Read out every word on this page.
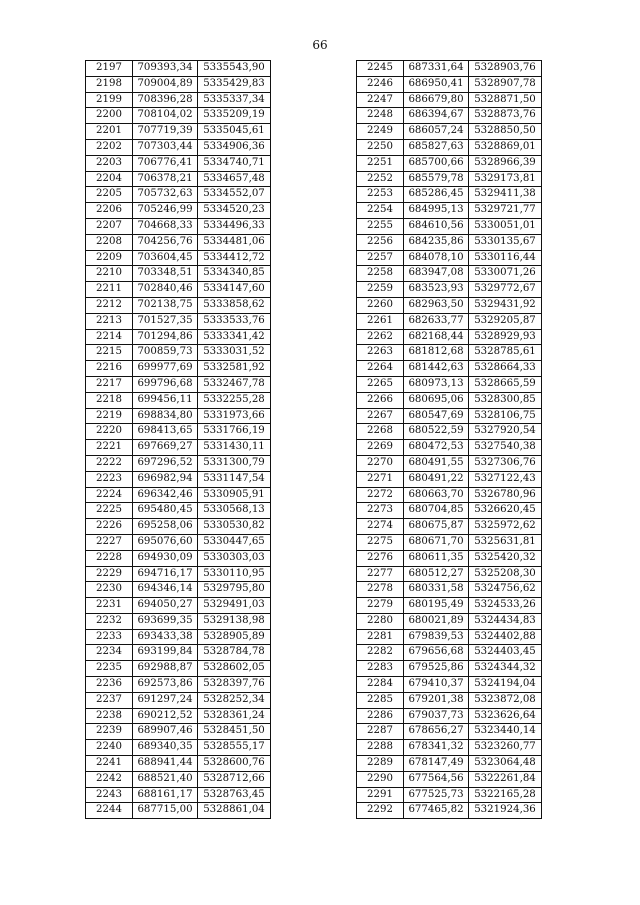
66
2197	709393,34	5335543,90
2198	709004,89	5335429,83
2199	708396,28	5335337,34
2200	708104,02	5335209,19
2201	707719,39	5335045,61
2202	707303,44	5334906,36
2203	706776,41	5334740,71
2204	706378,21	5334657,48
2205	705732,63	5334552,07
2206	705246,99	5334520,23
2207	704668,33	5334496,33
2208	704256,76	5334481,06
2209	703604,45	5334412,72
2210	703348,51	5334340,85
2211	702840,46	5334147,60
2212	702138,75	5333858,62
2213	701527,35	5333533,76
2214	701294,86	5333341,42
2215	700859,73	5333031,52
2216	699977,69	5332581,92
2217	699796,68	5332467,78
2218	699456,11	5332255,28
2219	698834,80	5331973,66
2220	698413,65	5331766,19
2221	697669,27	5331430,11
2222	697296,52	5331300,79
2223	696982,94	5331147,54
2224	696342,46	5330905,91
2225	695480,45	5330568,13
2226	695258,06	5330530,82
2227	695076,60	5330447,65
2228	694930,09	5330303,03
2229	694716,17	5330110,95
2230	694346,14	5329795,80
2231	694050,27	5329491,03
2232	693699,35	5329138,98
2233	693433,38	5328905,89
2234	693199,84	5328784,78
2235	692988,87	5328602,05
2236	692573,86	5328397,76
2237	691297,24	5328252,34
2238	690212,52	5328361,24
2239	689907,46	5328451,50
2240	689340,35	5328555,17
2241	688941,44	5328600,76
2242	688521,40	5328712,66
2243	688161,17	5328763,45
2244	687715,00	5328861,04
2245	687331,64	5328903,76
2246	686950,41	5328907,78
2247	686679,80	5328871,50
2248	686394,67	5328873,76
2249	686057,24	5328850,50
2250	685827,63	5328869,01
2251	685700,66	5328966,39
2252	685579,78	5329173,81
2253	685286,45	5329411,38
2254	684995,13	5329721,77
2255	684610,56	5330051,01
2256	684235,86	5330135,67
2257	684078,10	5330116,44
2258	683947,08	5330071,26
2259	683523,93	5329772,67
2260	682963,50	5329431,92
2261	682633,77	5329205,87
2262	682168,44	5328929,93
2263	681812,68	5328785,61
2264	681442,63	5328664,33
2265	680973,13	5328665,59
2266	680695,06	5328300,85
2267	680547,69	5328106,75
2268	680522,59	5327920,54
2269	680472,53	5327540,38
2270	680491,55	5327306,76
2271	680491,22	5327122,43
2272	680663,70	5326780,96
2273	680704,85	5326620,45
2274	680675,87	5325972,62
2275	680671,70	5325631,81
2276	680611,35	5325420,32
2277	680512,27	5325208,30
2278	680331,58	5324756,62
2279	680195,49	5324533,26
2280	680021,89	5324434,83
2281	679839,53	5324402,88
2282	679656,68	5324403,45
2283	679525,86	5324344,32
2284	679410,37	5324194,04
2285	679201,38	5323872,08
2286	679037,73	5323626,64
2287	678656,27	5323440,14
2288	678341,32	5323260,77
2289	678147,49	5323064,48
2290	677564,56	5322261,84
2291	677525,73	5322165,28
2292	677465,82	5321924,36
